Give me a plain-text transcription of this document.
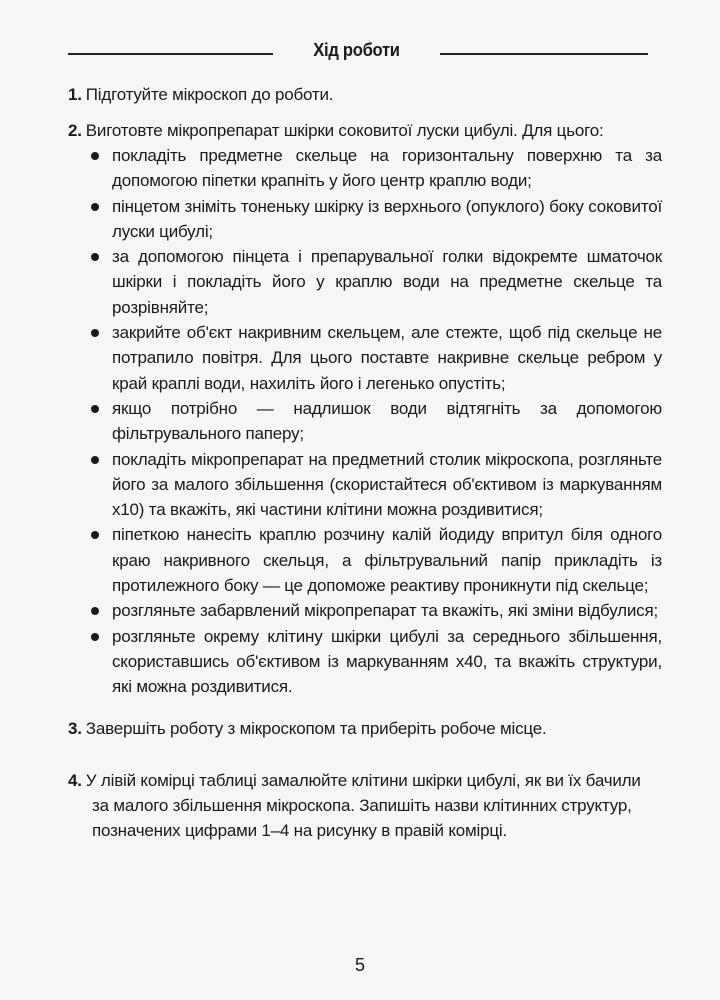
Хід роботи
1. Підготуйте мікроскоп до роботи.
2. Виготовте мікропрепарат шкірки соковитої луски цибулі. Для цього:
покладіть предметне скельце на горизонтальну поверхню та за допомогою піпетки крапніть у його центр краплю води;
пінцетом зніміть тоненьку шкірку із верхнього (опуклого) боку соковитої луски цибулі;
за допомогою пінцета і препарувальної голки відокремте шматочок шкірки і покладіть його у краплю води на предметне скельце та розрівняйте;
закрийте об'єкт накривним скельцем, але стежте, щоб під скельце не потрапило повітря. Для цього поставте накривне скельце ребром у край краплі води, нахиліть його і легенько опустіть;
якщо потрібно — надлишок води відтягніть за допомогою фільтрувального паперу;
покладіть мікропрепарат на предметний столик мікроскопа, розгляньте його за малого збільшення (скористайтеся об'єктивом із маркуванням х10) та вкажіть, які частини клітини можна роздивитися;
піпеткою нанесіть краплю розчину калій йодиду впритул біля одного краю накривного скельця, а фільтрувальний папір прикладіть із протилежного боку — це допоможе реактиву проникнути під скельце;
розгляньте забарвлений мікропрепарат та вкажіть, які зміни відбулися;
розгляньте окрему клітину шкірки цибулі за середнього збільшення, скориставшись об'єктивом із маркуванням х40, та вкажіть структури, які можна роздивитися.
3. Завершіть роботу з мікроскопом та приберіть робоче місце.
4. У лівій комірці таблиці замалюйте клітини шкірки цибулі, як ви їх бачили за малого збільшення мікроскопа. Запишіть назви клітинних структур, позначених цифрами 1–4 на рисунку в правій комірці.
5
